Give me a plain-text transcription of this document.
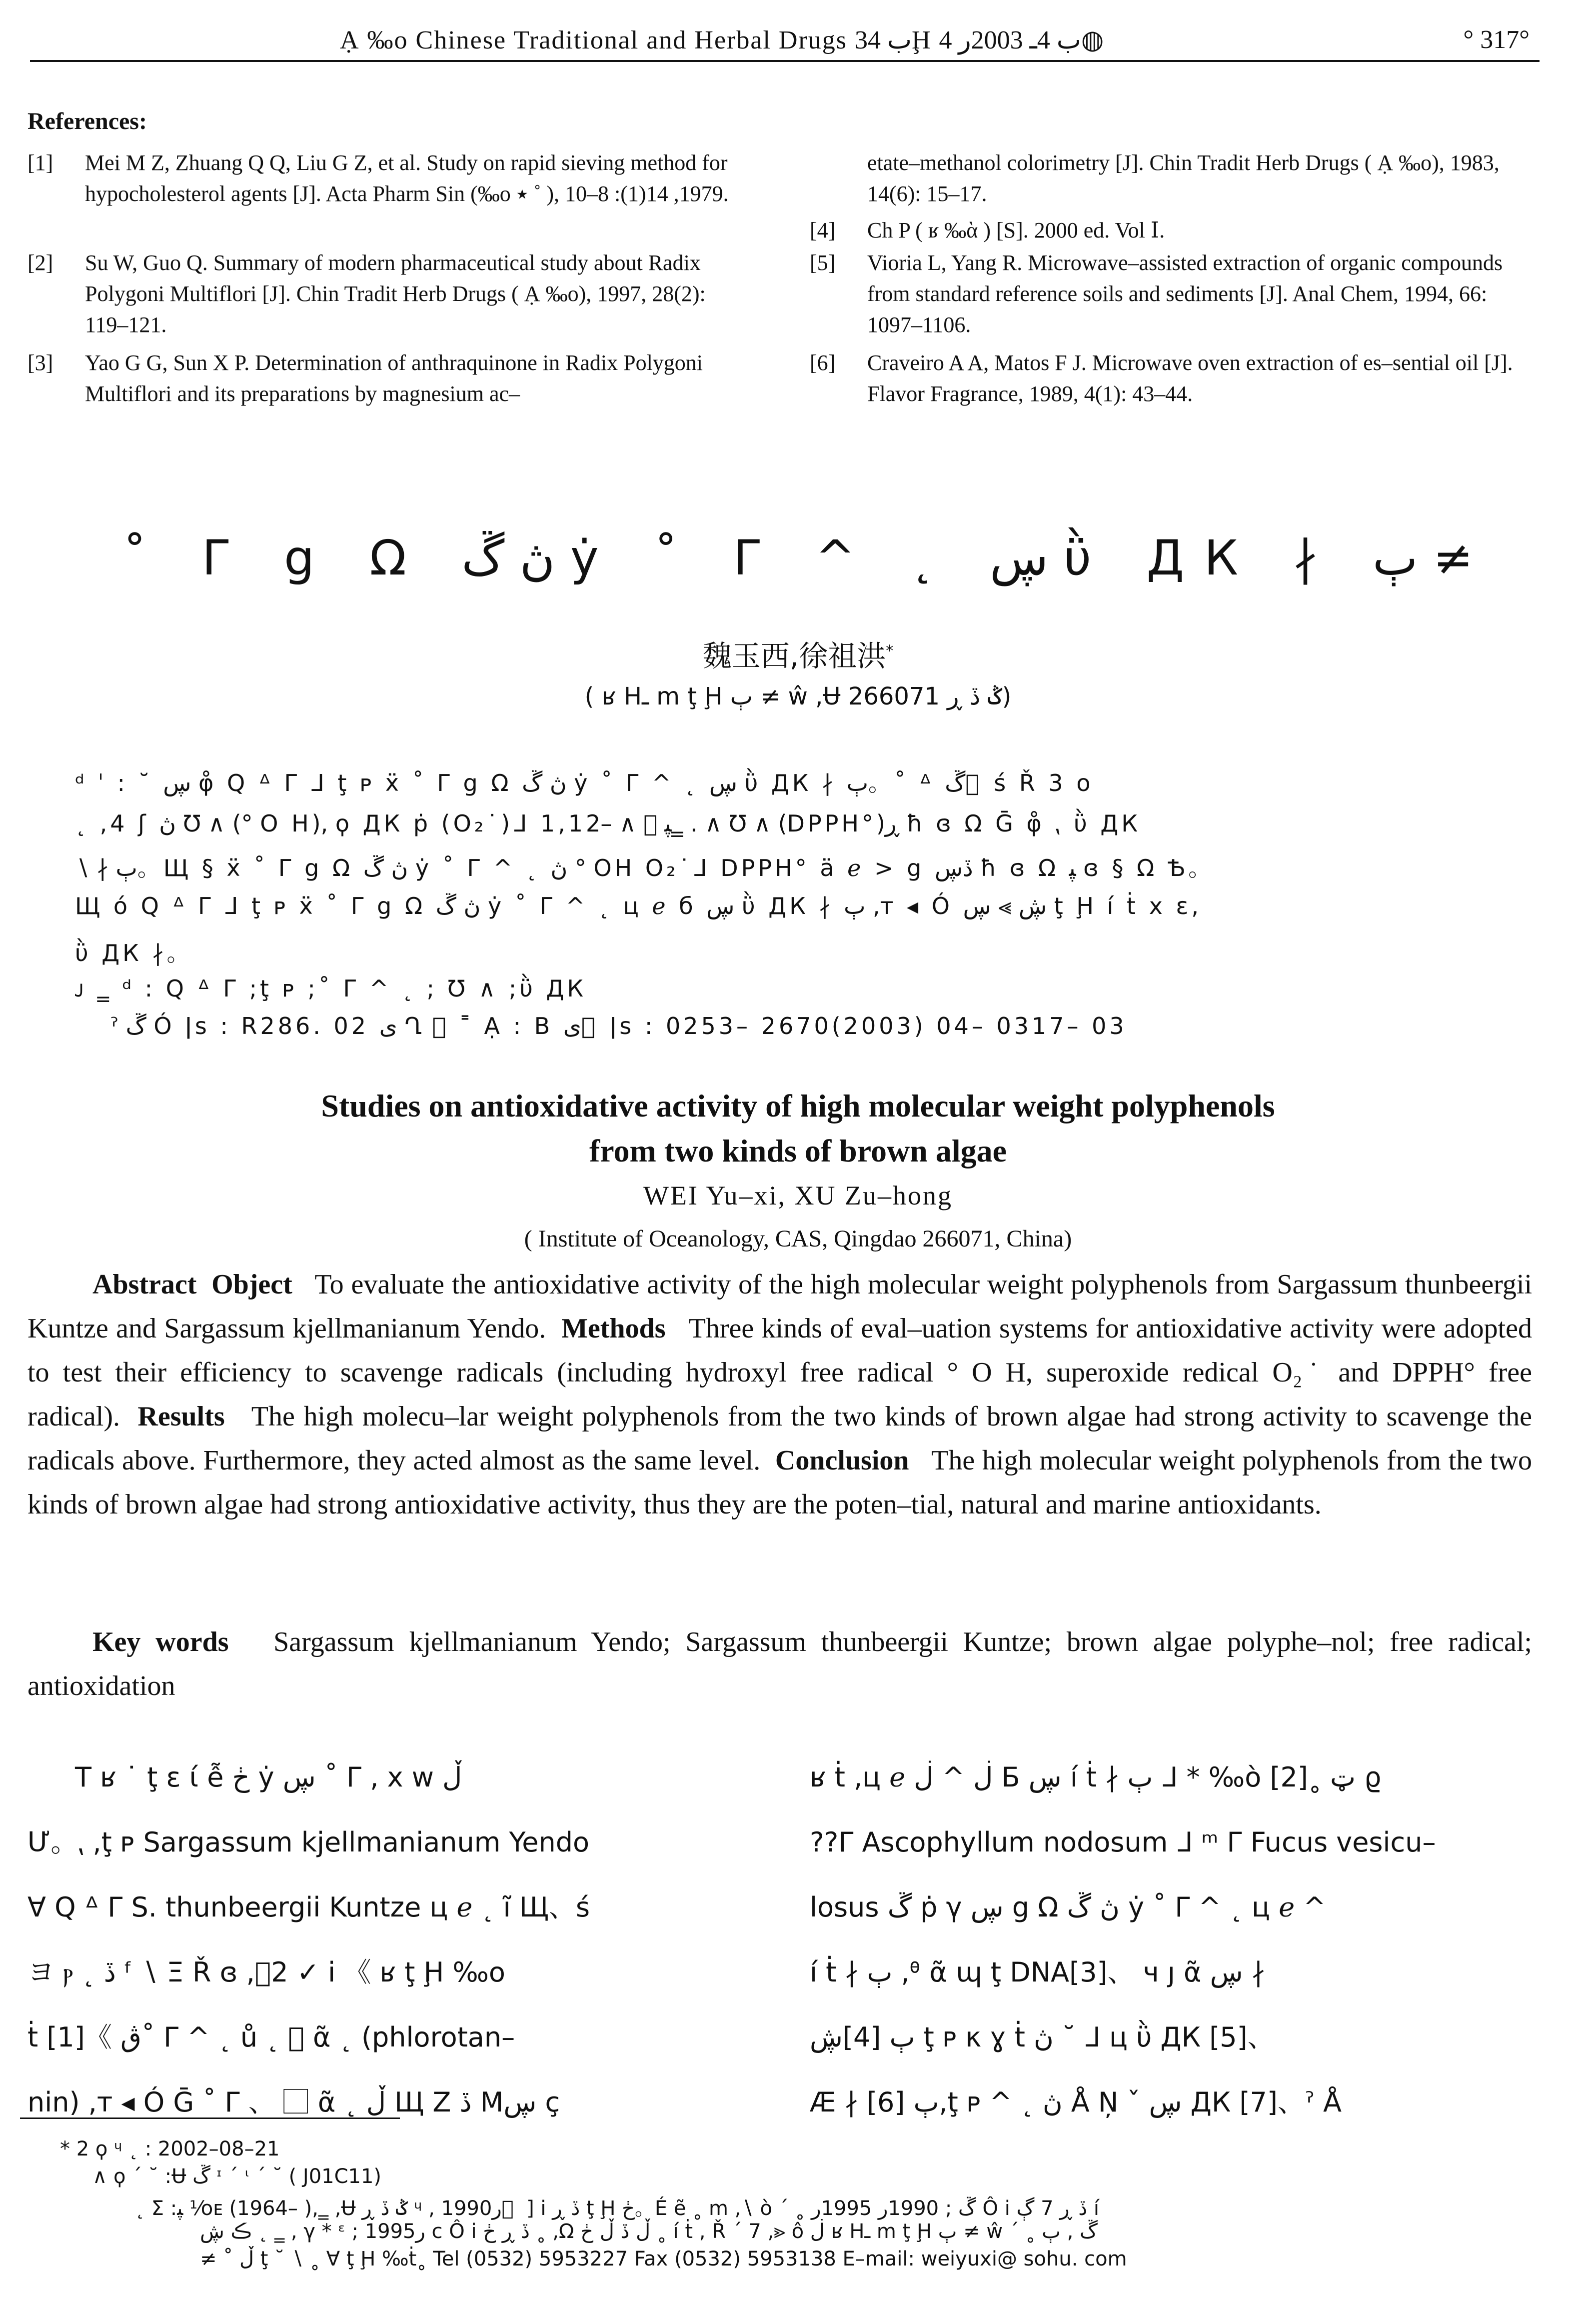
Ạ ‰ο Chinese Traditional and Herbal Drugs ب 34Ḩ ب 4ـ 2003ر 4◍	° 317°
References:
[1] Mei M Z, Zhuang Q Q, Liu G Z, et al. Study on rapid sieving method for hypocholesterol agents [J]. Acta Pharm Sin (‰ο ٭ ˚ ), 1979, 14(1): 8–10.
[2] Su W, Guo Q. Summary of modern pharmaceutical study about Radix Polygoni Multiflori [J]. Chin Tradit Herb Drugs ( Ạ ‰ο), 1997, 28(2): 119–121.
[3] Yao G G, Sun X P. Determination of anthraquinone in Radix Polygoni Multiflori and its preparations by magnesium ac–
etate–methanol colorimetry [J]. Chin Tradit Herb Drugs ( Ạ ‰ο), 1983, 14(6): 15–17.
[4] Ch P ( ʁ ‰ὰ ) [S]. 2000 ed. Vol Ⅰ.
[5] Vioria L, Yang R. Microwave–assisted extraction of organic compounds from standard reference soils and sediments [J]. Anal Chem, 1994, 66: 1097–1106.
[6] Craveiro A A, Matos F J. Microwave oven extraction of es–sential oil [J]. Flavor Fragrance, 1989, 4(1): 43–44.
˚ Γ g Ω ڽ ڱ ẏ ˚ Γ ^ ˛ ڛ ῢ ДК ∤ ٻ ≠
魏玉西,徐祖洪*
( ʁ Hـ m ţ Ḩ ٻ ≠ ŵ ,Ʉ ݣ ڏ ڕ 266071)
ᵈ ˈ : ˘ ڛ φ̊ Q ᐞ Γ ᒧ ţ ᴘ ẍ ˚ Γ g Ω ڽ ڱ ẏ ˚ Γ ^ ˛ ڛ ῢ ДК ∤ ٻ。˚ ᐞ ڱ ⃞ ś Ř 3 ο
˛ ,4 ʃ ڽ ℧ ∧ (° O H), ϙ ДК ṗ (O₂˙)ᒧ 1,1ﭙ ⃞ ∧ –2‗ . ∧ ℧ ∧ (DPPH°)ڕ ħ ɞ Ω Ḡ φ̊ ⹁ ῢ ДК
∖ ∤ ٻ。Щ § ẍ ˚ Γ g Ω ڽ ڱ ẏ ˚ Γ ^ ˛ ڽ ° OH O₂˙ᒧ DPPH° ä ℯ > g ڏڛ ħ ɞ Ω ﭙ ɞ § Ω Ѣ。
Щ ó Q ᐞ Γ ᒧ ţ ᴘ ẍ ˚ Γ g Ω ڽ ڱ ẏ ˚ Γ ^ ˛ ц ℯ б ڛ ῢ ДК ∤ ٻ ,ᴛ ◂ Ó ڜ ⪢ ڛ ţ Ḩ í ṫ x ε,
ῢ ДК ∤。
ᴊ ‗ ᵈ : Q ᐞ Γ ;ţ ᴘ ;˚ Γ ^ ˛ ; ℧ ∧ ;ῢ ДК
ˀ ڱ Ó ǀs : R286. 02 ی Ղ ⃞ ˭ Ạ : B ی ⃞ ǀs : 0253– 2670(2003) 04– 0317– 03
Studies on antioxidative activity of high molecular weight polyphenols
from two kinds of brown algae
WEI Yu–xi, XU Zu–hong
( Institute of Oceanology, CAS, Qingdao 266071, China)
Abstract Object To evaluate the antioxidative activity of the high molecular weight polyphenols from Sargassum thunbeergii Kuntze and Sargassum kjellmanianum Yendo. Methods Three kinds of eval–uation systems for antioxidative activity were adopted to test their efficiency to scavenge radicals (including hydroxyl free radical ° O H, superoxide redical O₂˙ and DPPH° free radical). Results The high molecu–lar weight polyphenols from the two kinds of brown algae had strong activity to scavenge the radicals above. Furthermore, they acted almost as the same level. Conclusion The high molecular weight polyphenols from the two kinds of brown algae had strong antioxidative activity, thus they are the poten–tial, natural and marine antioxidants.
Key words Sargassum kjellmanianum Yendo; Sargassum thunbeergii Kuntze; brown algae polyphe–nol; free radical; antioxidation
T ʁ ˙ ţ ε ί ễ ڂ ẏ ڛ ˚ Γ , x w ڵ
Ư。⹁ ,ţ ᴘ Sargassum kjellmanianum Yendo
Ɐ Q ᐞ Γ S. thunbeergii Kuntze ц ℯ ˛ ĩ Щ、ś
ヨ ⲣ ˛ ڏ ᶠ ∖ Ξ Ř ɞ ,⃞2 ✓ і 《 ʁ ţ Ḩ ‰ο
ṫ ڨ 》[1]˚ Γ ^ ˛ ů ˛ ⃞ ᾶ ˛ (phlorotan–
nin) ,ᴛ ◂ Ó Ḡ ˚ Γ 、 ⃞ ᾶ ˛ ڵ Щ Ζ ڏ Mڛ ç
ʁ ṫ ,ц ℯ ڶ ^ ڶ Б ڛ í ṫ ∤ ٻ ᒧ * ‰ὸ [2]˳ ټ ϱ
??Γ Ascophyllum nodosum ᒧ ᵐ Γ Fucus vesicu–
losus ڱ ṗ γ ڛ g Ω ڽ ڱ ẏ ˚ Γ ^ ˛ ц ℯ ^
í ṫ ∤ ٻ ,ᶿ ᾶ ɰ ţ DNA[3]、 ч ȷ ᾶ ڛ ∤
ٻ [4]ڜ ţ ᴘ κ ɣ ṫ ڽ ˘ ᒧ ц ῢ ДК [5]、
Æ ∤ ٻ [6],ţ ᴘ ^ ˛ ڽ Å Ņ ˇ ڛ ДК [7]、ˀ Å
* 2 ϙ ᶣ ˛ : 2002–08–21
∧ ϙ ´ ˘ :Ʉ ڱ ᶦ ´ ᶥ ´ ˘ ( J01C11)
˛ Ʃ :ﭙ ⅟οᴇ (1964– ),‗ ,Ʉ ݣ ڏ ڕ ᶣ , 1990ر ⃞ ] і ڏ ڕ ţ Ḩ ڂ。É ẽ ˳ m ,∖ ò ´ ˳ ڱ ; 1990ر 1995ر Ô і ڏ ڕ 7 ڳ í
ڪ ڜ ˛ ‗ , γ * ᵋ ; 1995ر c Ô і ڏ ڕ ڂ ˳ ,Ω ڵ ڏ ڵ ڂ ˳ í ṫ , Ř ´ 7 ,⪢ ô ڶ ʁ Hـ m ţ Ḩ ٻ ≠ ŵ ´ ˳ ڱ , ٻ
≠ ˚ ڵ ţ ˘ ∖ ˳ Ɐ ţ Ḩ ‰ṫ˳ Tel (0532) 5953227 Fax (0532) 5953138 E–mail: weiyuxi@ sohu. com
